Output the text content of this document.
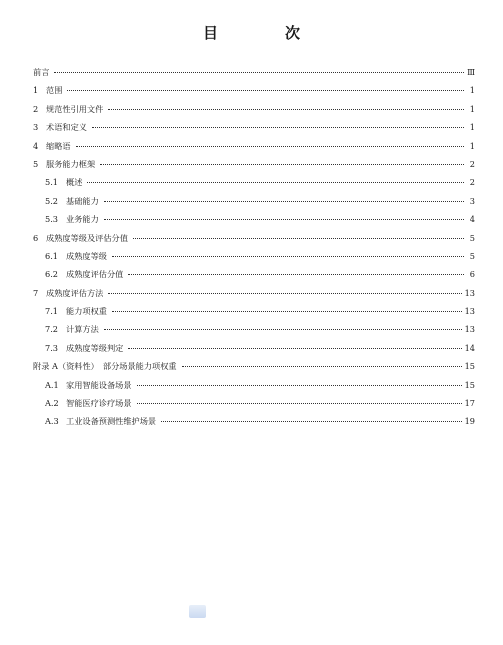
目　次
前言	Ⅲ
1 范围	1
2 规范性引用文件	1
3 术语和定义	1
4 缩略语	1
5 服务能力框架	2
5.1 概述	2
5.2 基础能力	3
5.3 业务能力	4
6 成熟度等级及评估分值	5
6.1 成熟度等级	5
6.2 成熟度评估分值	6
7 成熟度评估方法	13
7.1 能力项权重	13
7.2 计算方法	13
7.3 成熟度等级判定	14
附录 A（资料性）　部分场景能力项权重	15
A.1 家用智能设备场景	15
A.2 智能医疗诊疗场景	17
A.3 工业设备预测性维护场景	19
